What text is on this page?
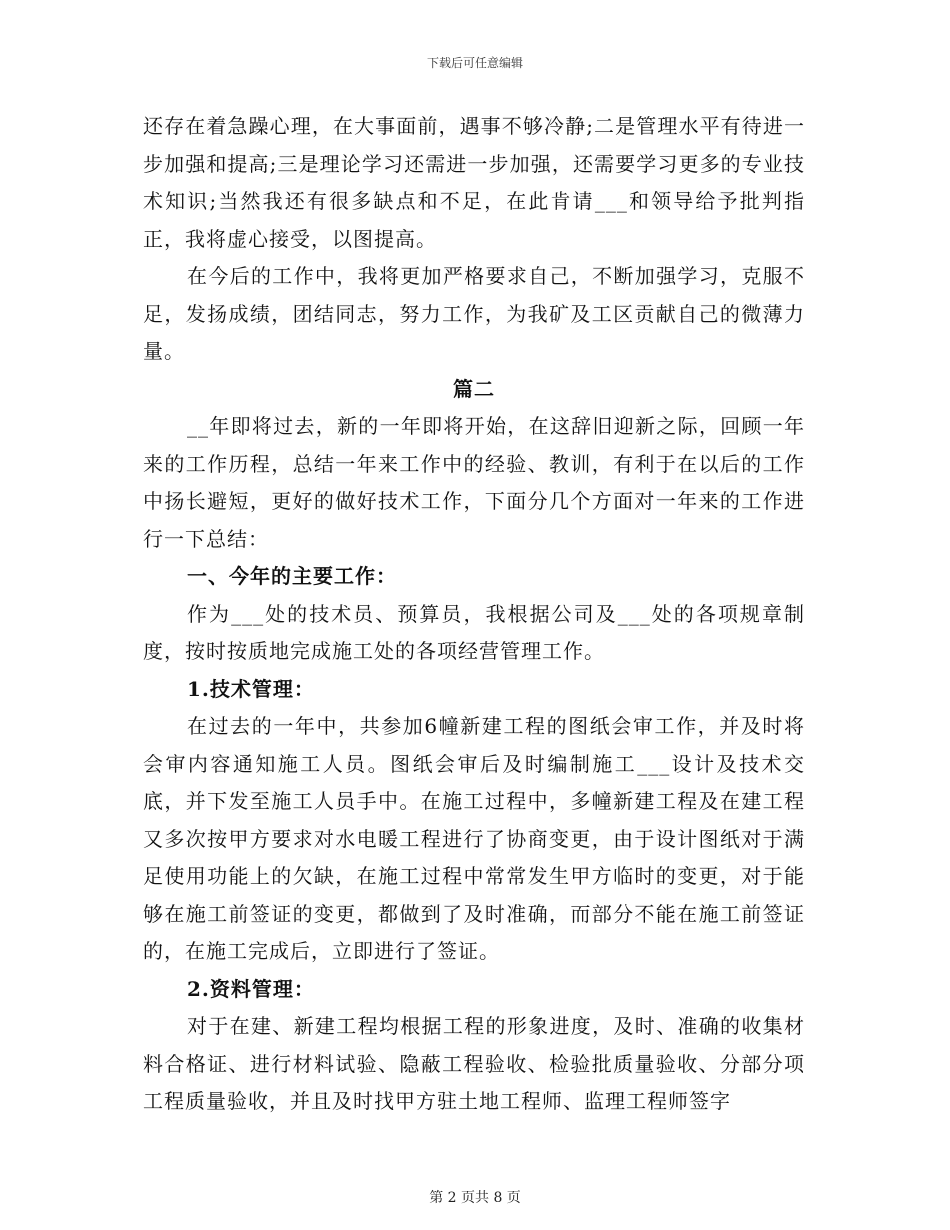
下载后可任意编辑

还存在着急躁心理，在大事面前，遇事不够冷静;二是管理水平有待进一步加强和提高;三是理论学习还需进一步加强，还需要学习更多的专业技术知识;当然我还有很多缺点和不足，在此肯请___和领导给予批判指正，我将虚心接受，以图提高。

在今后的工作中，我将更加严格要求自己，不断加强学习，克服不足，发扬成绩，团结同志，努力工作，为我矿及工区贡献自己的微薄力量。

篇二

__年即将过去，新的一年即将开始，在这辞旧迎新之际，回顾一年来的工作历程，总结一年来工作中的经验、教训，有利于在以后的工作中扬长避短，更好的做好技术工作，下面分几个方面对一年来的工作进行一下总结：

一、今年的主要工作：

作为___处的技术员、预算员，我根据公司及___处的各项规章制度，按时按质地完成施工处的各项经营管理工作。

1.技术管理：

在过去的一年中，共参加6幢新建工程的图纸会审工作，并及时将会审内容通知施工人员。图纸会审后及时编制施工___设计及技术交底，并下发至施工人员手中。在施工过程中，多幢新建工程及在建工程又多次按甲方要求对水电暖工程进行了协商变更，由于设计图纸对于满足使用功能上的欠缺，在施工过程中常常发生甲方临时的变更，对于能够在施工前签证的变更，都做到了及时准确，而部分不能在施工前签证的，在施工完成后，立即进行了签证。

2.资料管理：

对于在建、新建工程均根据工程的形象进度，及时、准确的收集材料合格证、进行材料试验、隐蔽工程验收、检验批质量验收、分部分项工程质量验收，并且及时找甲方驻土地工程师、监理工程师签字

第 2 页共 8 页
